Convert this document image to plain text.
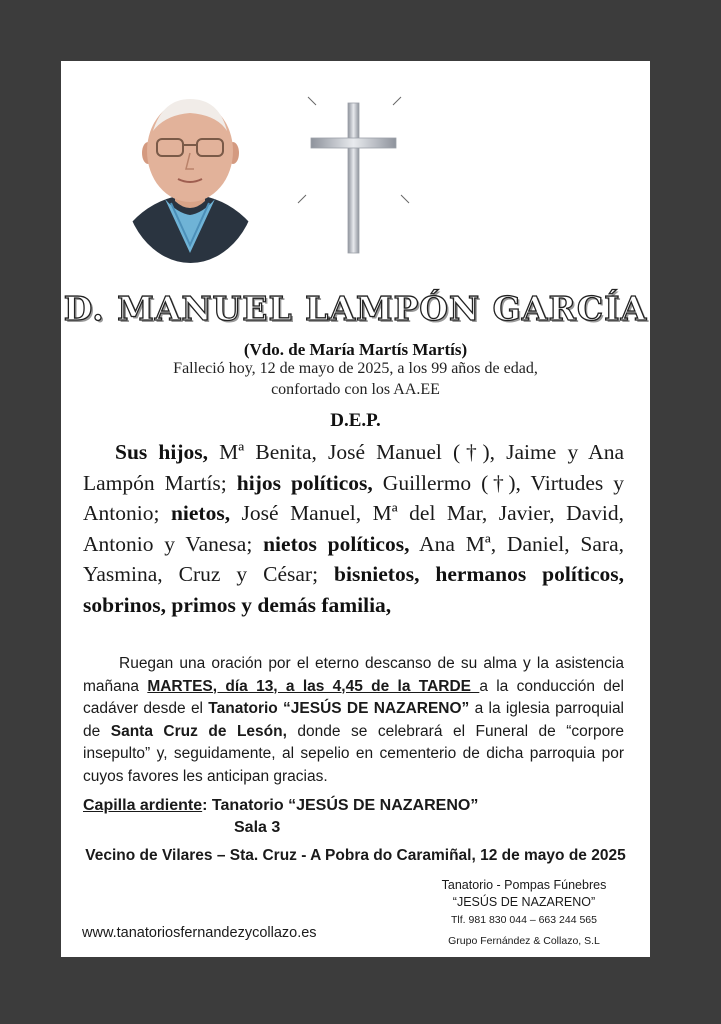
D. MANUEL LAMPÓN GARCÍA
(Vdo. de María Martís Martís)
Falleció hoy, 12 de mayo de 2025, a los 99 años de edad,
confortado con los AA.EE
D.E.P.
Sus hijos, Mª Benita, José Manuel (†), Jaime y Ana Lampón Martís; hijos políticos, Guillermo (†), Virtudes y Antonio; nietos, José Manuel, Mª del Mar, Javier, David, Antonio y Vanesa; nietos políticos, Ana Mª, Daniel, Sara, Yasmina, Cruz y César; bisnietos, hermanos políticos, sobrinos, primos y demás familia,
Ruegan una oración por el eterno descanso de su alma y la asistencia mañana MARTES, día 13, a las 4,45 de la TARDE a la conducción del cadáver desde el Tanatorio “JESÚS DE NAZARENO” a la iglesia parroquial de Santa Cruz de Lesón, donde se celebrará el Funeral de “corpore insepulto” y, seguidamente, al sepelio en cementerio de dicha parroquia por cuyos favores les anticipan gracias.
Capilla ardiente: Tanatorio “JESÚS DE NAZARENO”
Sala 3
Vecino de Vilares – Sta. Cruz - A Pobra do Caramiñal, 12 de mayo de 2025
Tanatorio - Pompas Fúnebres
“JESÚS DE NAZARENO”
Tlf. 981 830 044 – 663 244 565
Grupo Fernández & Collazo, S.L
www.tanatoriosfernandezycollazo.es
